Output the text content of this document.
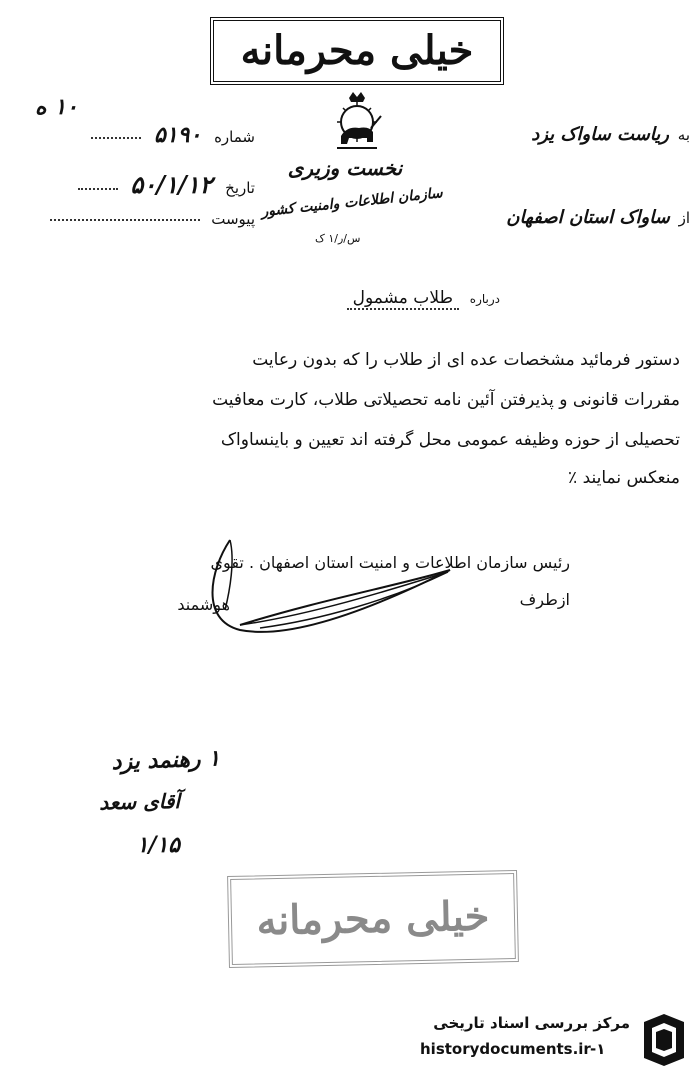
خیلی محرمانه
۱۰ ه
شماره ۵۱۹۰
تاریخ ۵۰/۱/۱۲
پیوست
نخست وزیری
سازمان اطلاعات وامنیت کشور
س/ر/۱ ک
به ریاست ساواک یزد
از ساواک استان اصفهان
درباره طلاب مشمول
دستور فرمائید مشخصات عده ای از طلاب را که بدون رعایت
مقررات قانونی و پذیرفتن آئین نامه تحصیلاتی طلاب، کارت معافیت
تحصیلی از حوزه وظیفه عمومی محل گرفته اند تعیین و باینساواک
منعکس نمایند ٪
رئیس سازمان اطلاعات و امنیت استان اصفهان . تقوی
ازطرف
هوشمند
۱ رهنمد یزد
آقای سعد
۱/۱۵
خیلی محرمانه
مرکز بررسی اسناد تاریخی
historydocuments.ir -۱
